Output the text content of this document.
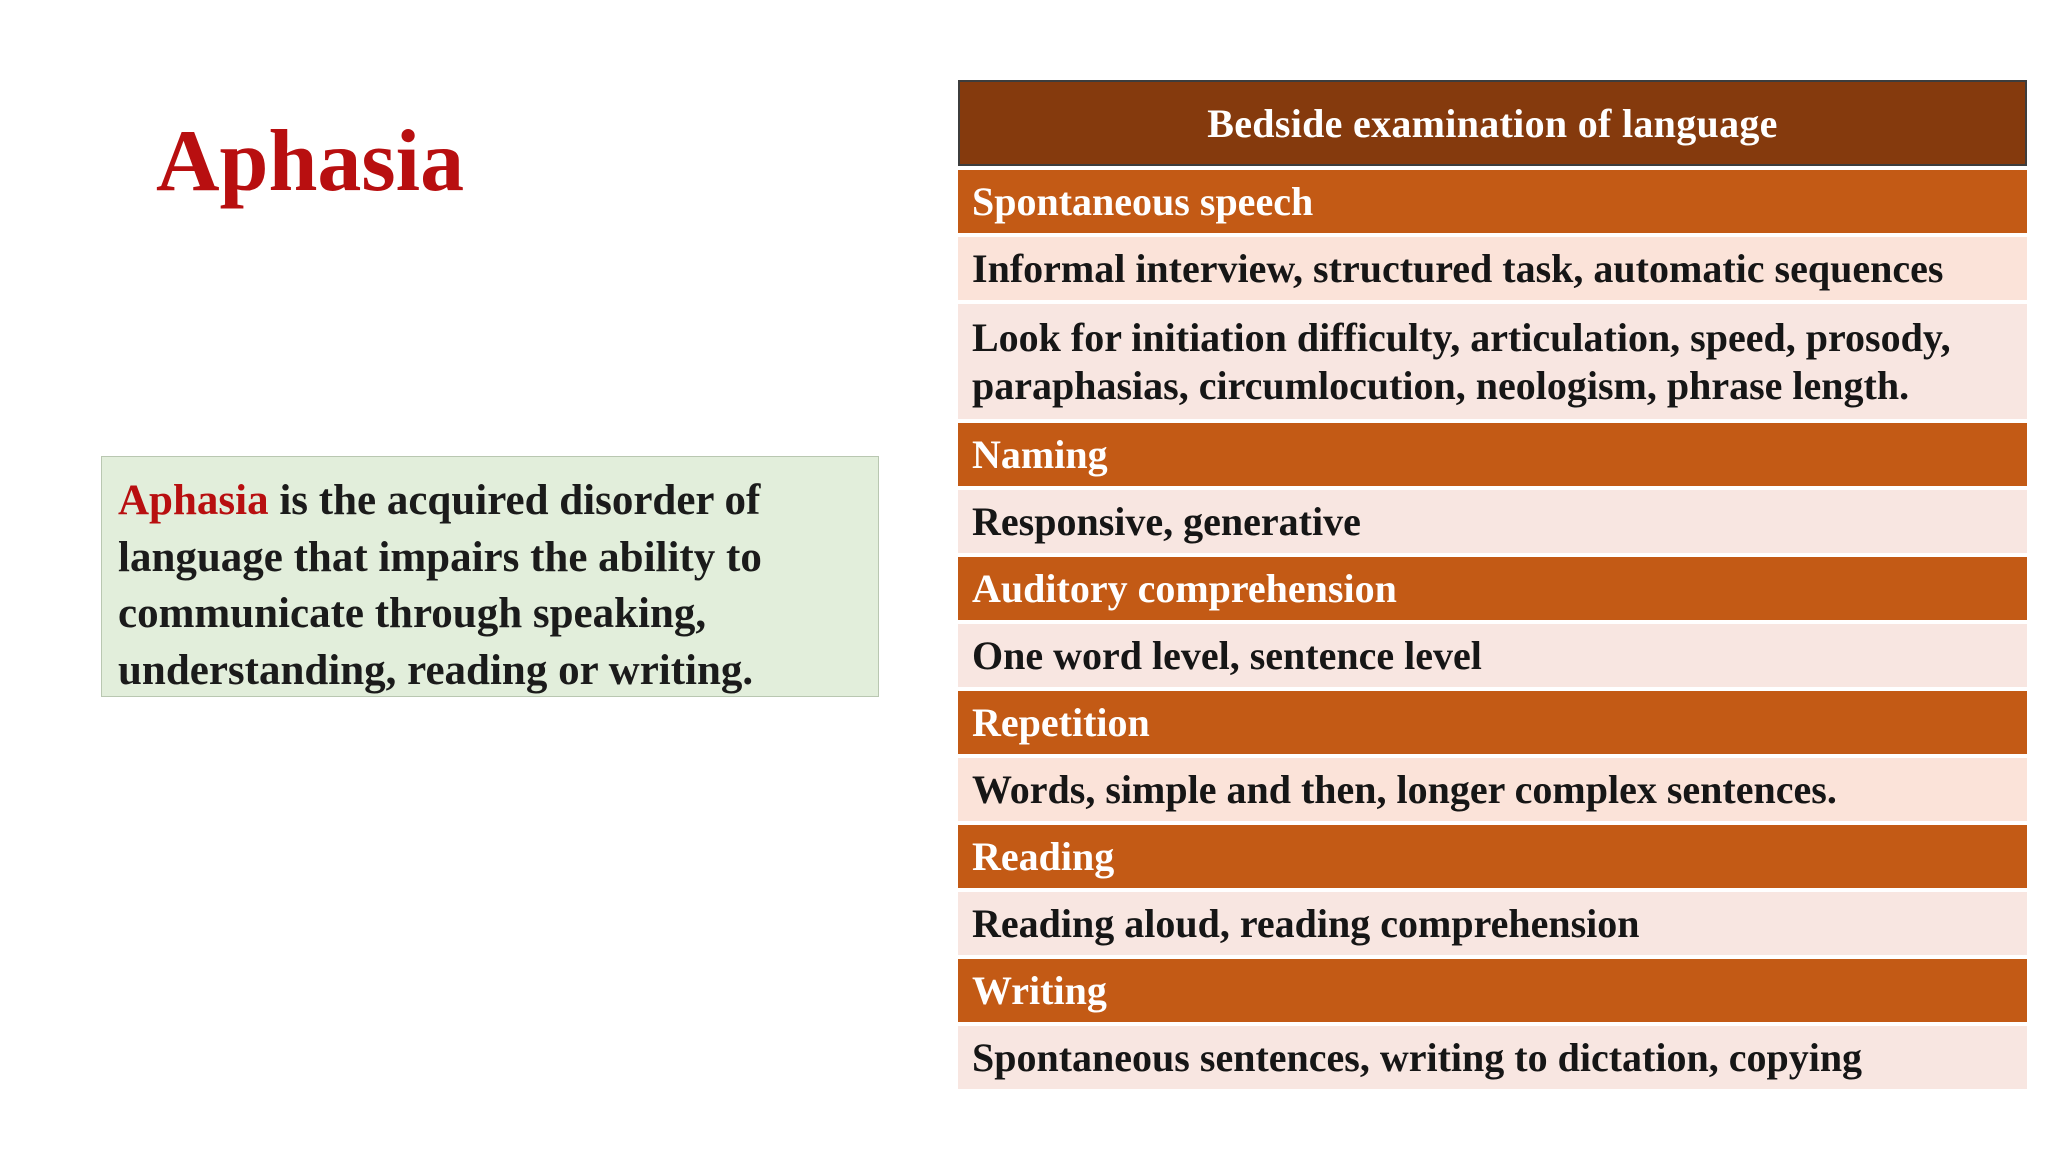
Aphasia
Aphasia is the acquired disorder of language that impairs the ability to communicate through speaking, understanding, reading or writing.
Bedside examination of language
Spontaneous speech
Informal interview, structured task, automatic sequences
Look for initiation difficulty, articulation, speed, prosody, paraphasias, circumlocution, neologism, phrase length.
Naming
Responsive, generative
Auditory comprehension
One word level, sentence level
Repetition
Words, simple and then, longer complex sentences.
Reading
Reading aloud, reading comprehension
Writing
Spontaneous sentences, writing to dictation, copying
